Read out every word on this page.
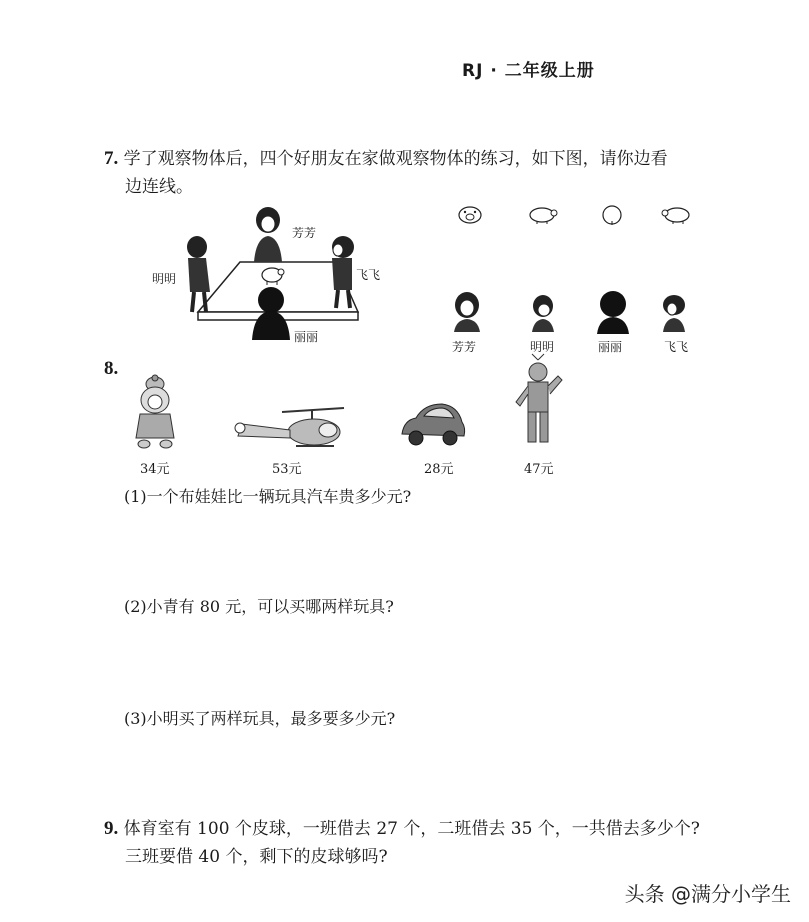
RJ · 二年级上册
7. 学了观察物体后，四个好朋友在家做观察物体的练习，如下图，请你边看
边连线。
芳芳
明明	飞飞
丽丽
芳芳	明明	丽丽	飞飞
8.
34元	53元	28元	47元
(1)一个布娃娃比一辆玩具汽车贵多少元?
(2)小青有 80 元，可以买哪两样玩具?
(3)小明买了两样玩具，最多要多少元?
9. 体育室有 100 个皮球，一班借去 27 个，二班借去 35 个，一共借去多少个?
三班要借 40 个，剩下的皮球够吗?
头条 @满分小学生
